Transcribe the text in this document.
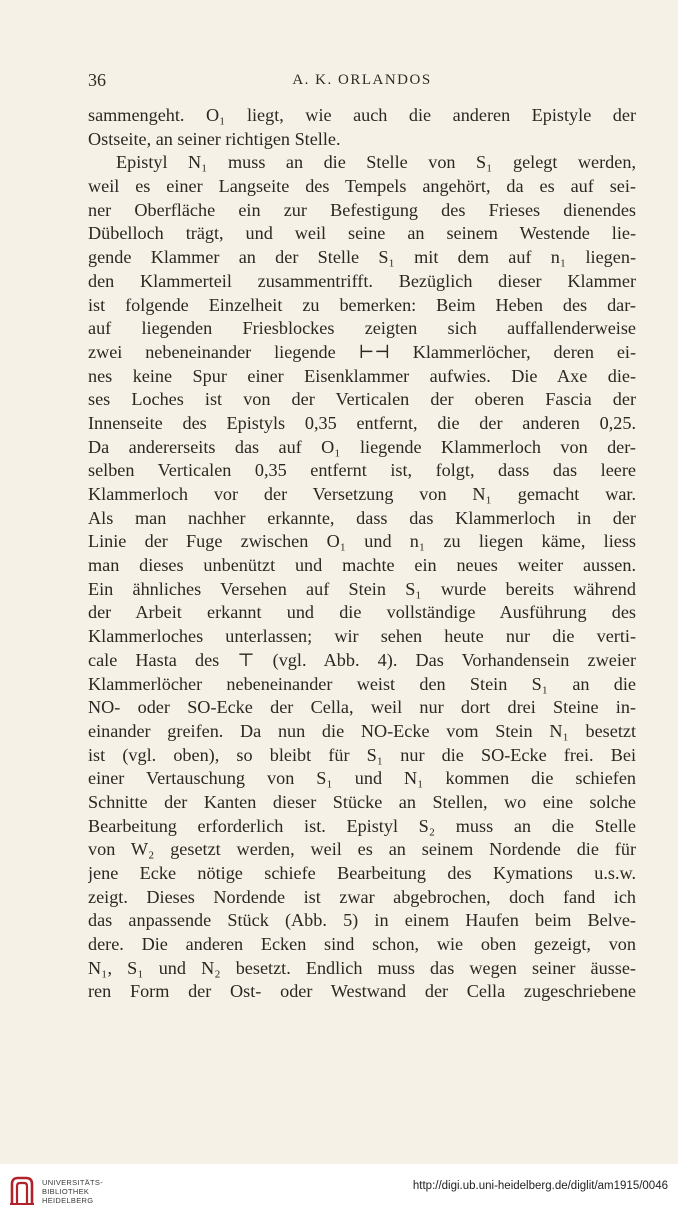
36	A. K. ORLANDOS
sammengeht. O₁ liegt, wie auch die anderen Epistyle der
Ostseite, an seiner richtigen Stelle.
Epistyl N₁ muss an die Stelle von S₁ gelegt werden,
weil es einer Langseite des Tempels angehört, da es auf sei-
ner Oberfläche ein zur Befestigung des Frieses dienendes
Dübelloch trägt, und weil seine an seinem Westende lie-
gende Klammer an der Stelle S₁ mit dem auf n₁ liegen-
den Klammerteil zusammentrifft. Bezüglich dieser Klammer
ist folgende Einzelheit zu bemerken: Beim Heben des dar-
auf liegenden Friesblockes zeigten sich auffallenderweise
zwei nebeneinander liegende ⊢⊣ Klammerlöcher, deren ei-
nes keine Spur einer Eisenklammer aufwies. Die Axe die-
ses Loches ist von der Verticalen der oberen Fascia der
Innenseite des Epistyls 0,35 entfernt, die der anderen 0,25.
Da andererseits das auf O₁ liegende Klammerloch von der-
selben Verticalen 0,35 entfernt ist, folgt, dass das leere
Klammerloch vor der Versetzung von N₁ gemacht war.
Als man nachher erkannte, dass das Klammerloch in der
Linie der Fuge zwischen O₁ und n₁ zu liegen käme, liess
man dieses unbenützt und machte ein neues weiter aussen.
Ein ähnliches Versehen auf Stein S₁ wurde bereits während
der Arbeit erkannt und die vollständige Ausführung des
Klammerloches unterlassen; wir sehen heute nur die verti-
cale Hasta des ⊤ (vgl. Abb. 4). Das Vorhandensein zweier
Klammerlöcher nebeneinander weist den Stein S₁ an die
NO- oder SO-Ecke der Cella, weil nur dort drei Steine in-
einander greifen. Da nun die NO-Ecke vom Stein N₁ besetzt
ist (vgl. oben), so bleibt für S₁ nur die SO-Ecke frei. Bei
einer Vertauschung von S₁ und N₁ kommen die schiefen
Schnitte der Kanten dieser Stücke an Stellen, wo eine solche
Bearbeitung erforderlich ist. Epistyl S₂ muss an die Stelle
von W₂ gesetzt werden, weil es an seinem Nordende die für
jene Ecke nötige schiefe Bearbeitung des Kymations u.s.w.
zeigt. Dieses Nordende ist zwar abgebrochen, doch fand ich
das anpassende Stück (Abb. 5) in einem Haufen beim Belve-
dere. Die anderen Ecken sind schon, wie oben gezeigt, von
N₁, S₁ und N₂ besetzt. Endlich muss das wegen seiner äusse-
ren Form der Ost- oder Westwand der Cella zugeschriebene
UNIVERSITÄTS-
BIBLIOTHEK
HEIDELBERG
http://digi.ub.uni-heidelberg.de/diglit/am1915/0046
